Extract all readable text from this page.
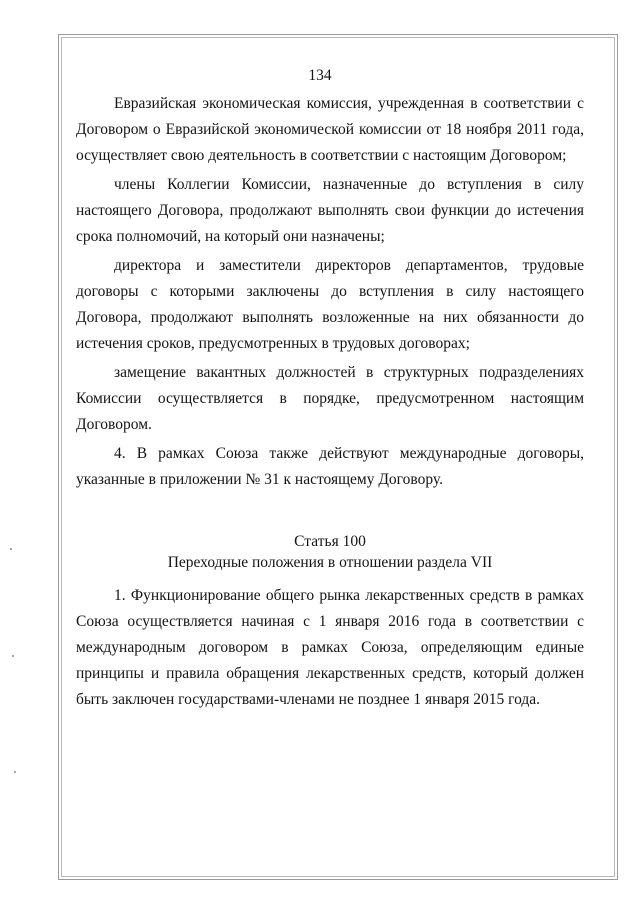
134

Евразийская экономическая комиссия, учрежденная в соответствии с Договором о Евразийской экономической комиссии от 18 ноября 2011 года, осуществляет свою деятельность в соответствии с настоящим Договором;

члены Коллегии Комиссии, назначенные до вступления в силу настоящего Договора, продолжают выполнять свои функции до истечения срока полномочий, на который они назначены;

директора и заместители директоров департаментов, трудовые договоры с которыми заключены до вступления в силу настоящего Договора, продолжают выполнять возложенные на них обязанности до истечения сроков, предусмотренных в трудовых договорах;

замещение вакантных должностей в структурных подразделениях Комиссии осуществляется в порядке, предусмотренном настоящим Договором.

4. В рамках Союза также действуют международные договоры, указанные в приложении № 31 к настоящему Договору.

Статья 100
Переходные положения в отношении раздела VII

1. Функционирование общего рынка лекарственных средств в рамках Союза осуществляется начиная с 1 января 2016 года в соответствии с международным договором в рамках Союза, определяющим единые принципы и правила обращения лекарственных средств, который должен быть заключен государствами-членами не позднее 1 января 2015 года.
